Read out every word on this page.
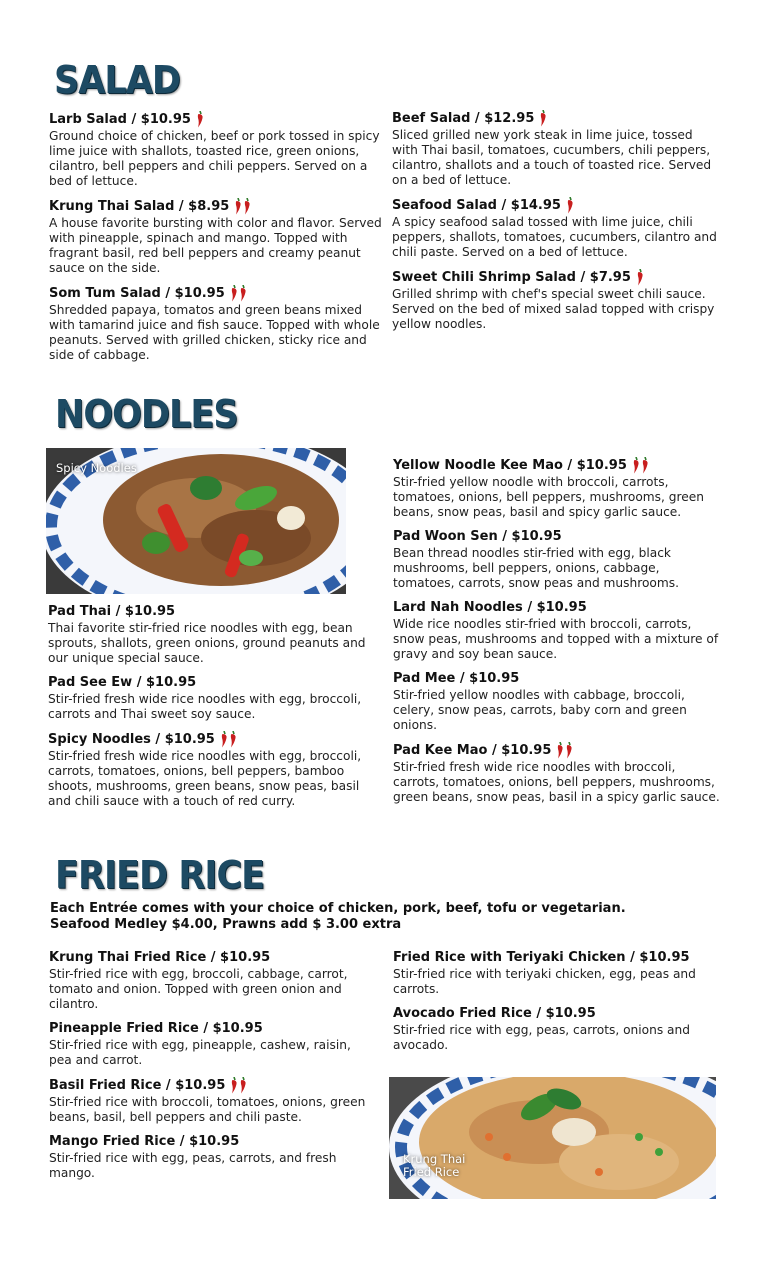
SALAD
Larb Salad / $10.95
Ground choice of chicken, beef or pork tossed in spicy lime juice with shallots, toasted rice, green onions, cilantro, bell peppers and chili peppers. Served on a bed of lettuce.
Krung Thai Salad / $8.95
A house favorite bursting with color and flavor. Served with pineapple, spinach and mango. Topped with fragrant basil, red bell peppers and creamy peanut sauce on the side.
Som Tum Salad / $10.95
Shredded papaya, tomatos and green beans mixed with tamarind juice and fish sauce. Topped with whole peanuts. Served with grilled chicken, sticky rice and side of cabbage.
Beef Salad / $12.95
Sliced grilled new york steak in lime juice, tossed with Thai basil, tomatoes, cucumbers, chili peppers, cilantro, shallots and a touch of toasted rice. Served on a bed of lettuce.
Seafood Salad / $14.95
A spicy seafood salad tossed with lime juice, chili peppers, shallots, tomatoes, cucumbers, cilantro and chili paste. Served on a bed of lettuce.
Sweet Chili Shrimp Salad / $7.95
Grilled shrimp with chef's special sweet chili sauce. Served on the bed of mixed salad topped with crispy yellow noodles.
NOODLES
Spicy Noodles
Pad Thai / $10.95
Thai favorite stir-fried rice noodles with egg, bean sprouts, shallots, green onions, ground peanuts and our unique special sauce.
Pad See Ew / $10.95
Stir-fried fresh wide rice noodles with egg, broccoli, carrots and Thai sweet soy sauce.
Spicy Noodles / $10.95
Stir-fried fresh wide rice noodles with egg, broccoli, carrots, tomatoes, onions, bell peppers, bamboo shoots, mushrooms, green beans, snow peas, basil and chili sauce with a touch of red curry.
Yellow Noodle Kee Mao / $10.95
Stir-fried yellow noodle with broccoli, carrots, tomatoes, onions, bell peppers, mushrooms, green beans, snow peas, basil and spicy garlic sauce.
Pad Woon Sen / $10.95
Bean thread noodles stir-fried with egg, black mushrooms, bell peppers, onions, cabbage, tomatoes, carrots, snow peas and mushrooms.
Lard Nah Noodles / $10.95
Wide rice noodles stir-fried with broccoli, carrots, snow peas, mushrooms and topped with a mixture of gravy and soy bean sauce.
Pad Mee / $10.95
Stir-fried yellow noodles with cabbage, broccoli, celery, snow peas, carrots, baby corn and green onions.
Pad Kee Mao / $10.95
Stir-fried fresh wide rice noodles with broccoli, carrots, tomatoes, onions, bell peppers, mushrooms, green beans, snow peas, basil in a spicy garlic sauce.
FRIED RICE
Each Entrée comes with your choice of chicken, pork, beef, tofu or vegetarian.
Seafood Medley $4.00, Prawns add $ 3.00 extra
Krung Thai Fried Rice / $10.95
Stir-fried rice with egg, broccoli, cabbage, carrot, tomato and onion. Topped with green onion and cilantro.
Pineapple Fried Rice / $10.95
Stir-fried rice with egg, pineapple, cashew, raisin, pea and carrot.
Basil Fried Rice / $10.95
Stir-fried rice with broccoli, tomatoes, onions, green beans, basil, bell peppers and chili paste.
Mango Fried Rice / $10.95
Stir-fried rice with egg, peas, carrots, and fresh mango.
Fried Rice with Teriyaki Chicken / $10.95
Stir-fried rice with teriyaki chicken, egg, peas and carrots.
Avocado Fried Rice / $10.95
Stir-fried rice with egg, peas, carrots, onions and avocado.
Krung Thai
Fried Rice
